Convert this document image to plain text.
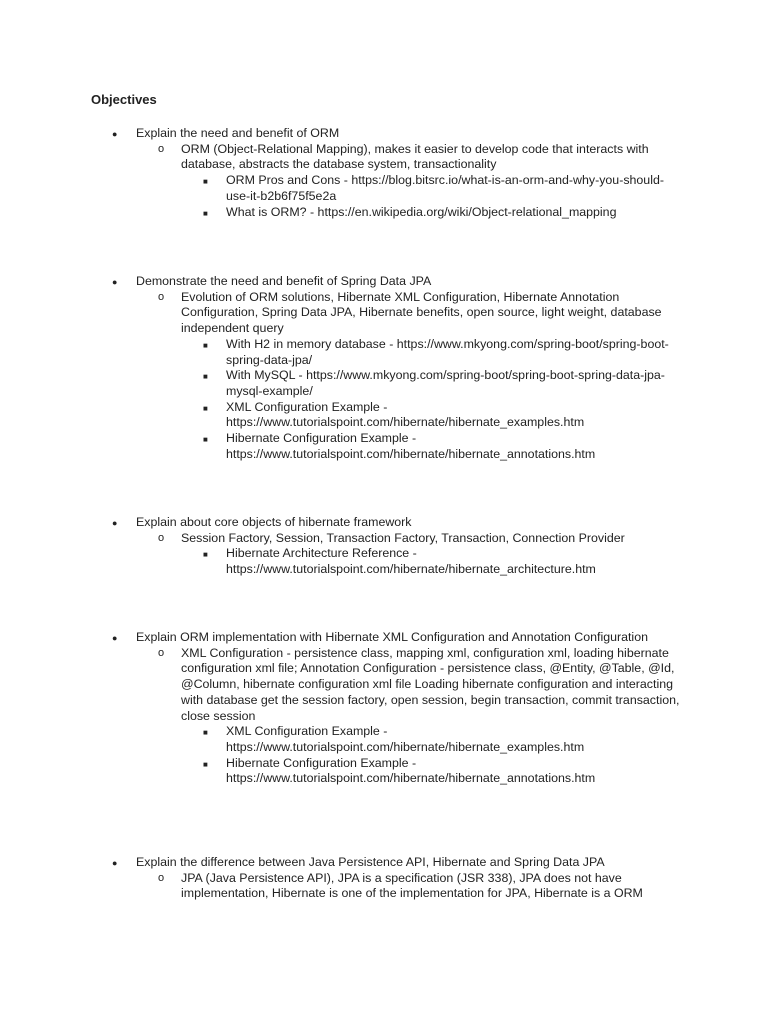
Objectives
● Explain the need and benefit of ORM
o ORM (Object-Relational Mapping), makes it easier to develop code that interacts with database, abstracts the database system, transactionality
■ ORM Pros and Cons - https://blog.bitsrc.io/what-is-an-orm-and-why-you-should-use-it-b2b6f75f5e2a
■ What is ORM? - https://en.wikipedia.org/wiki/Object-relational_mapping
● Demonstrate the need and benefit of Spring Data JPA
o Evolution of ORM solutions, Hibernate XML Configuration, Hibernate Annotation Configuration, Spring Data JPA, Hibernate benefits, open source, light weight, database independent query
■ With H2 in memory database - https://www.mkyong.com/spring-boot/spring-boot-spring-data-jpa/
■ With MySQL - https://www.mkyong.com/spring-boot/spring-boot-spring-data-jpa-mysql-example/
■ XML Configuration Example -https://www.tutorialspoint.com/hibernate/hibernate_examples.htm
■ Hibernate Configuration Example -https://www.tutorialspoint.com/hibernate/hibernate_annotations.htm
● Explain about core objects of hibernate framework
o Session Factory, Session, Transaction Factory, Transaction, Connection Provider
■ Hibernate Architecture Reference - https://www.tutorialspoint.com/hibernate/hibernate_architecture.htm
● Explain ORM implementation with Hibernate XML Configuration and Annotation Configuration
o XML Configuration - persistence class, mapping xml, configuration xml, loading hibernate configuration xml file; Annotation Configuration - persistence class, @Entity, @Table, @Id, @Column, hibernate configuration xml file Loading hibernate configuration and interacting with database get the session factory, open session, begin transaction, commit transaction, close session
■ XML Configuration Example - https://www.tutorialspoint.com/hibernate/hibernate_examples.htm
■ Hibernate Configuration Example - https://www.tutorialspoint.com/hibernate/hibernate_annotations.htm
● Explain the difference between Java Persistence API, Hibernate and Spring Data JPA
o JPA (Java Persistence API), JPA is a specification (JSR 338), JPA does not have implementation, Hibernate is one of the implementation for JPA, Hibernate is a ORM
